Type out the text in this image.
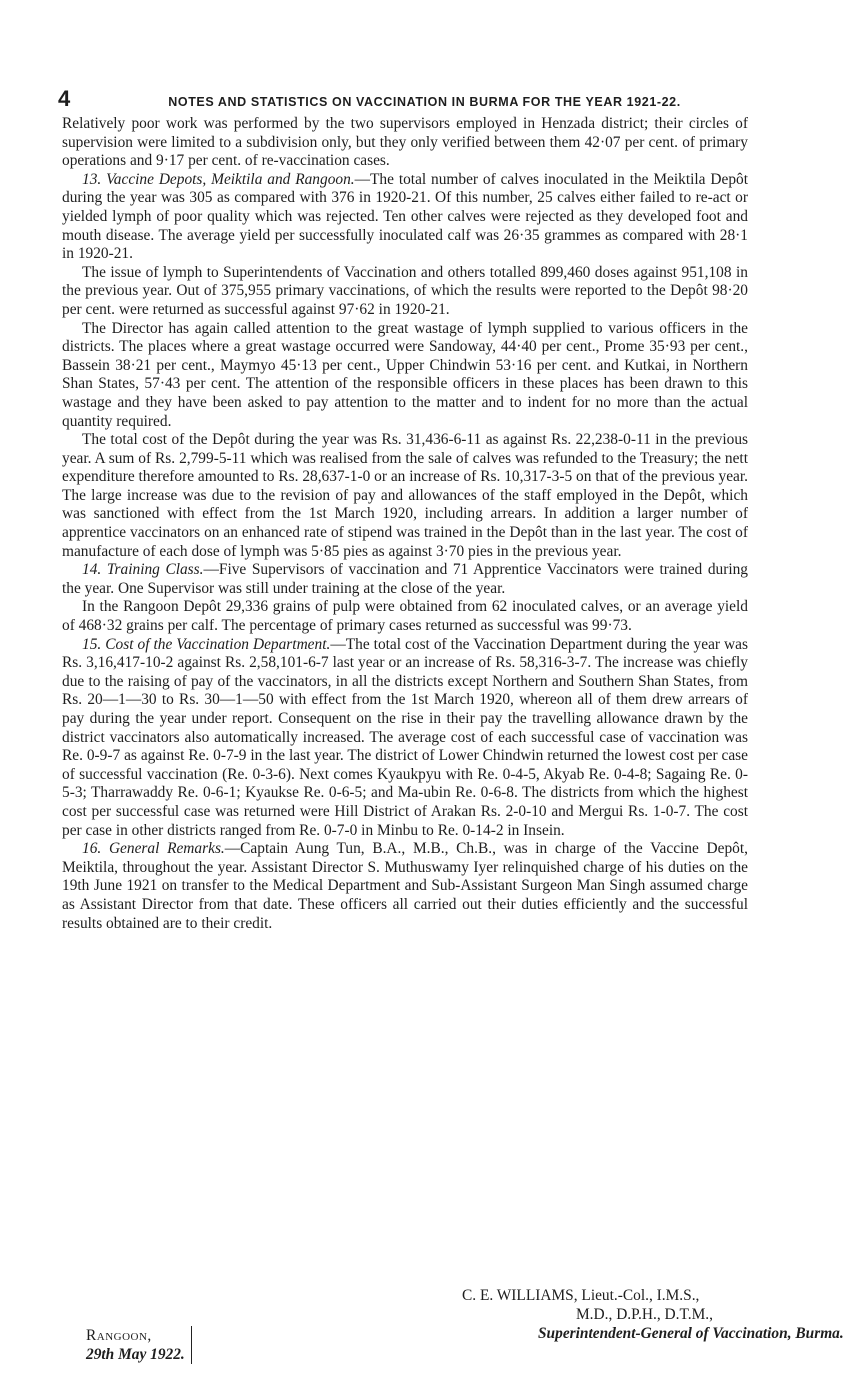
4	NOTES AND STATISTICS ON VACCINATION IN BURMA FOR THE YEAR 1921-22.

Relatively poor work was performed by the two supervisors employed in Henzada district; their circles of supervision were limited to a subdivision only, but they only verified between them 42·07 per cent. of primary operations and 9·17 per cent. of re-vaccination cases.

13. Vaccine Depots, Meiktila and Rangoon.—The total number of calves inoculated in the Meiktila Depôt during the year was 305 as compared with 376 in 1920-21. Of this number, 25 calves either failed to re-act or yielded lymph of poor quality which was rejected. Ten other calves were rejected as they developed foot and mouth disease. The average yield per successfully inoculated calf was 26·35 grammes as compared with 28·1 in 1920-21.

The issue of lymph to Superintendents of Vaccination and others totalled 899,460 doses against 951,108 in the previous year. Out of 375,955 primary vaccinations, of which the results were reported to the Depôt 98·20 per cent. were returned as successful against 97·62 in 1920-21.

The Director has again called attention to the great wastage of lymph supplied to various officers in the districts. The places where a great wastage occurred were Sandoway, 44·40 per cent., Prome 35·93 per cent., Bassein 38·21 per cent., Maymyo 45·13 per cent., Upper Chindwin 53·16 per cent. and Kutkai, in Northern Shan States, 57·43 per cent. The attention of the responsible officers in these places has been drawn to this wastage and they have been asked to pay attention to the matter and to indent for no more than the actual quantity required.

The total cost of the Depôt during the year was Rs. 31,436-6-11 as against Rs. 22,238-0-11 in the previous year. A sum of Rs. 2,799-5-11 which was realised from the sale of calves was refunded to the Treasury; the nett expenditure therefore amounted to Rs. 28,637-1-0 or an increase of Rs. 10,317-3-5 on that of the previous year. The large increase was due to the revision of pay and allowances of the staff employed in the Depôt, which was sanctioned with effect from the 1st March 1920, including arrears. In addition a larger number of apprentice vaccinators on an enhanced rate of stipend was trained in the Depôt than in the last year. The cost of manufacture of each dose of lymph was 5·85 pies as against 3·70 pies in the previous year.

14. Training Class.—Five Supervisors of vaccination and 71 Apprentice Vaccinators were trained during the year. One Supervisor was still under training at the close of the year.

In the Rangoon Depôt 29,336 grains of pulp were obtained from 62 inoculated calves, or an average yield of 468·32 grains per calf. The percentage of primary cases returned as successful was 99·73.

15. Cost of the Vaccination Department.—The total cost of the Vaccination Department during the year was Rs. 3,16,417-10-2 against Rs. 2,58,101-6-7 last year or an increase of Rs. 58,316-3-7. The increase was chiefly due to the raising of pay of the vaccinators, in all the districts except Northern and Southern Shan States, from Rs. 20—1—30 to Rs. 30—1—50 with effect from the 1st March 1920, whereon all of them drew arrears of pay during the year under report. Consequent on the rise in their pay the travelling allowance drawn by the district vaccinators also automatically increased. The average cost of each successful case of vaccination was Re. 0-9-7 as against Re. 0-7-9 in the last year. The district of Lower Chindwin returned the lowest cost per case of successful vaccination (Re. 0-3-6). Next comes Kyaukpyu with Re. 0-4-5, Akyab Re. 0-4-8; Sagaing Re. 0-5-3; Tharrawaddy Re. 0-6-1; Kyaukse Re. 0-6-5; and Ma-ubin Re. 0-6-8. The districts from which the highest cost per successful case was returned were Hill District of Arakan Rs. 2-0-10 and Mergui Rs. 1-0-7. The cost per case in other districts ranged from Re. 0-7-0 in Minbu to Re. 0-14-2 in Insein.

16. General Remarks.—Captain Aung Tun, B.A., M.B., Ch.B., was in charge of the Vaccine Depôt, Meiktila, throughout the year. Assistant Director S. Muthuswamy Iyer relinquished charge of his duties on the 19th June 1921 on transfer to the Medical Department and Sub-Assistant Surgeon Man Singh assumed charge as Assistant Director from that date. These officers all carried out their duties efficiently and the successful results obtained are to their credit.

C. E. WILLIAMS, Lieut.-Col., I.M.S.,
M.D., D.P.H., D.T.M.,
Superintendent-General of Vaccination, Burma.
Rangoon,
29th May 1922.
